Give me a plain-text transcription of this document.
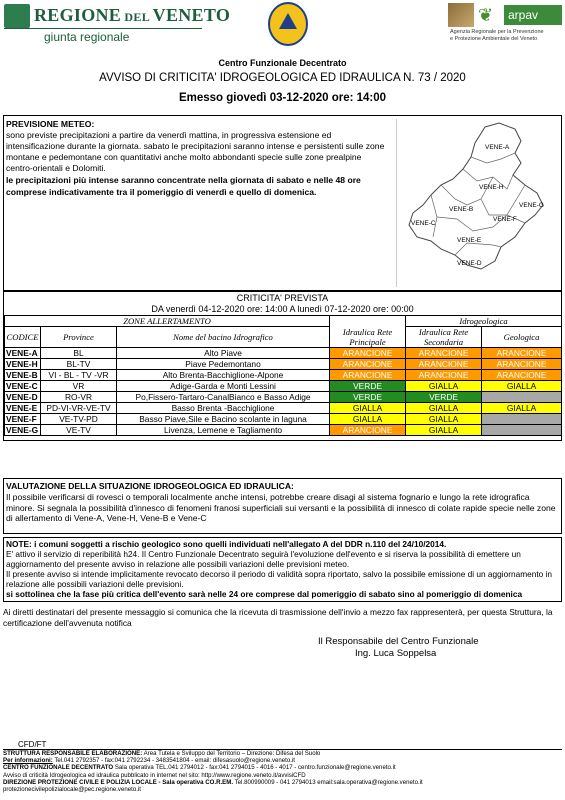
REGIONE DEL VENETO
giunta regionale
❦	arpav
Agenzia Regionale per la Prevenzione
e Protezione Ambientale del Veneto
Centro Funzionale Decentrato
AVVISO DI CRITICITA' IDROGEOLOGICA ED IDRAULICA N. 73 / 2020
Emesso giovedì 03-12-2020 ore: 14:00
PREVISIONE METEO:
sono previste precipitazioni a partire da venerdì mattina, in progressiva estensione ed intensificazione durante la giornata. sabato le precipitazioni saranno intense e persistenti sulle zone montane e pedemontane con quantitativi anche molto abbondanti specie sulle zone prealpine centro-orientali e Dolomiti.
le precipitazioni più intense saranno concentrate nella giornata di sabato e nelle 48 ore comprese indicativamente tra il pomeriggio di venerdì e quello di domenica.
VENE-A
VENE-H
VENE-B
VENE-G
VENE-F
VENE-C
VENE-E
VENE-D
CRITICITA' PREVISTA
DA venerdì 04-12-2020 ore: 14:00 A lunedì 07-12-2020 ore: 00:00
ZONE ALLERTAMENTO				Idrogeologica	
CODICE	Province	Nome del bacino Idrografico	Idraulica Rete Principale	Idraulica Rete Secondaria	Geologica
VENE-A	BL	Alto Piave	ARANCIONE	ARANCIONE	ARANCIONE
VENE-H	BL-TV	Piave Pedemontano	ARANCIONE	ARANCIONE	ARANCIONE
VENE-B	VI - BL - TV -VR	Alto Brenta-Bacchiglione-Alpone	ARANCIONE	ARANCIONE	ARANCIONE
VENE-C	VR	Adige-Garda e Monti Lessini	VERDE	GIALLA	GIALLA
VENE-D	RO-VR	Po,Fissero-Tartaro-CanalBianco e Basso Adige	VERDE	VERDE	
VENE-E	PD-VI-VR-VE-TV	Basso Brenta -Bacchiglione	GIALLA	GIALLA	GIALLA
VENE-F	VE-TV-PD	Basso Piave,Sile e Bacino scolante in laguna	GIALLA	GIALLA	
VENE-G	VE-TV	Livenza, Lemene e Tagliamento	ARANCIONE	GIALLA	
VALUTAZIONE DELLA SITUAZIONE IDROGEOLOGICA ED IDRAULICA:
Il possibile verificarsi di rovesci o temporali localmente anche intensi, potrebbe creare disagi al sistema fognario e lungo la rete idrografica minore. Si segnala la possibilità d'innesco di fenomeni franosi superficiali sui versanti e la possibilità di innesco di colate rapide specie nelle zone di allertamento di Vene-A, Vene-H, Vene-B e Vene-C
NOTE: i comuni soggetti a rischio geologico sono quelli individuati nell'allegato A del DDR n.110 del 24/10/2014.
E' attivo il servizio di reperibilità h24. Il Centro Funzionale Decentrato seguirà l'evoluzione dell'evento e si riserva la possibilità di emettere un aggiornamento del presente avviso in relazione alle possibili variazioni delle previsioni meteo.
Il presente avviso si intende implicitamente revocato decorso il periodo di validità sopra riportato, salvo la possibile emissione di un aggiornamento in relazione alle possibili variazioni delle previsioni.
si sottolinea che la fase più critica dell'evento sarà nelle 24 ore comprese dal pomeriggio di sabato sino al pomeriggio di domenica
Ai diretti destinatari del presente messaggio si comunica che la ricevuta di trasmissione dell'invio a mezzo fax rappresenterà, per questa Struttura, la certificazione dell'avvenuta notifica
Il Responsabile del Centro Funzionale
Ing. Luca Soppelsa
CFD/FT
STRUTTURA RESPONSABILE ELABORAZIONE: Area Tutela e Sviluppo del Territorio – Direzione: Difesa del Suolo
Per informazioni: Tel.041 2792357 - fax:041 2792234 - 3483541804 - email: difesasuolo@regione.veneto.it
CENTRO FUNZIONALE DECENTRATO Sala operativa TEL.041 2794012 - fax:041 2794015 - 4016 - 4017 - centro.funzionale@regione.veneto.it
Avviso di criticità Idrogeologica ed idraulica pubblicato in internet nel sito: http://www.regione.veneto.it/avvisiCFD
DIREZIONE PROTEZIONE CIVILE E POLIZIA LOCALE - Sala operativa CO.R.EM. Tel.800990009 - 041 2794013 email:sala.operativa@regione.veneto.it
protezionecivilepolizialocale@pec.regione.veneto.it
